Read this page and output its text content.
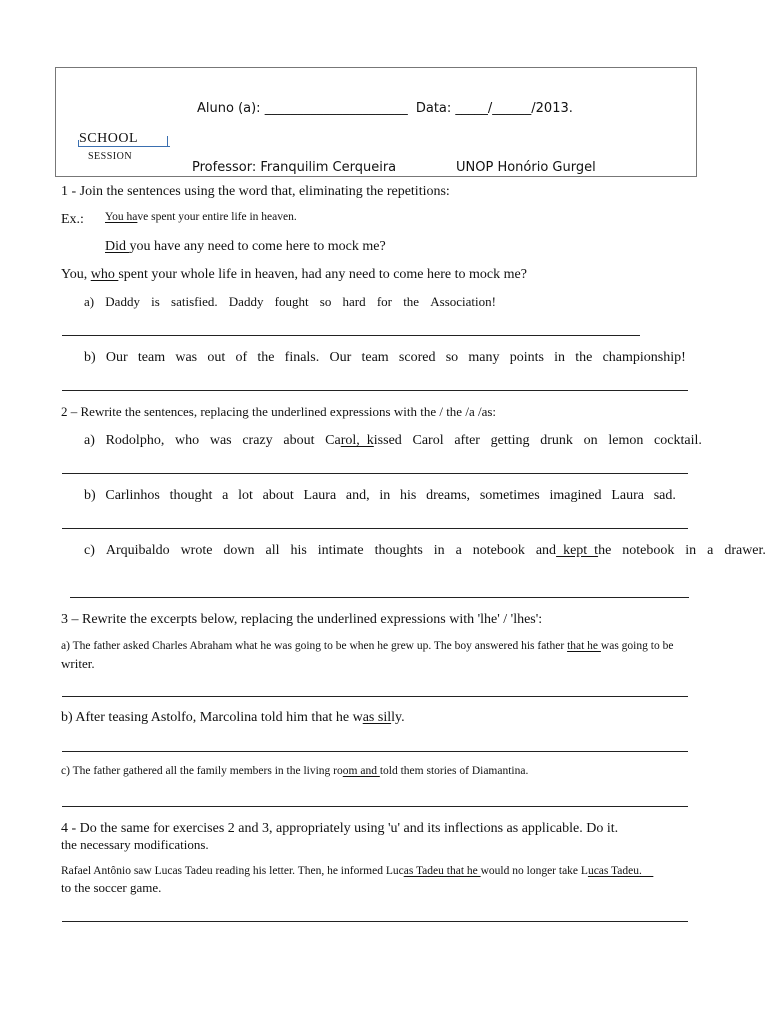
Aluno (a): ______________________ Data: _____/______/2013.
SCHOOL
SESSION
Professor: Franquilim Cerqueira	UNOP Honório Gurgel
1 - Join the sentences using the word that, eliminating the repetitions:
Ex.: You have spent your entire life in heaven.
Did you have any need to come here to mock me?
You, who spent your whole life in heaven, had any need to come here to mock me?
a) Daddy is satisfied. Daddy fought so hard for the Association!
b) Our team was out of the finals. Our team scored so many points in the championship!
2 – Rewrite the sentences, replacing the underlined expressions with the / the /a /as:
a) Rodolpho, who was crazy about Carol,  kissed Carol after getting drunk on lemon cocktail.
b) Carlinhos thought a lot about Laura and, in his dreams, sometimes imagined Laura sad.
c) Arquibaldo wrote down all his intimate thoughts in a notebook and  kept  the notebook in a drawer.
3 – Rewrite the excerpts below, replacing the underlined expressions with 'lhe' / 'lhes':
a) The father asked Charles Abraham what he was going to be when he grew up. The boy answered his father that he was going to be
writer.
b) After teasing Astolfo, Marcolina told him that he was silly.
c) The father gathered all the family members in the living room and told them stories of Diamantina.
4 - Do the same for exercises 2 and 3, appropriately using 'u' and its inflections as applicable. Do it.
the necessary modifications.
Rafael Antônio saw Lucas Tadeu reading his letter. Then, he informed Lucas Tadeu that he would no longer take Lucas Tadeu.
to the soccer game.
